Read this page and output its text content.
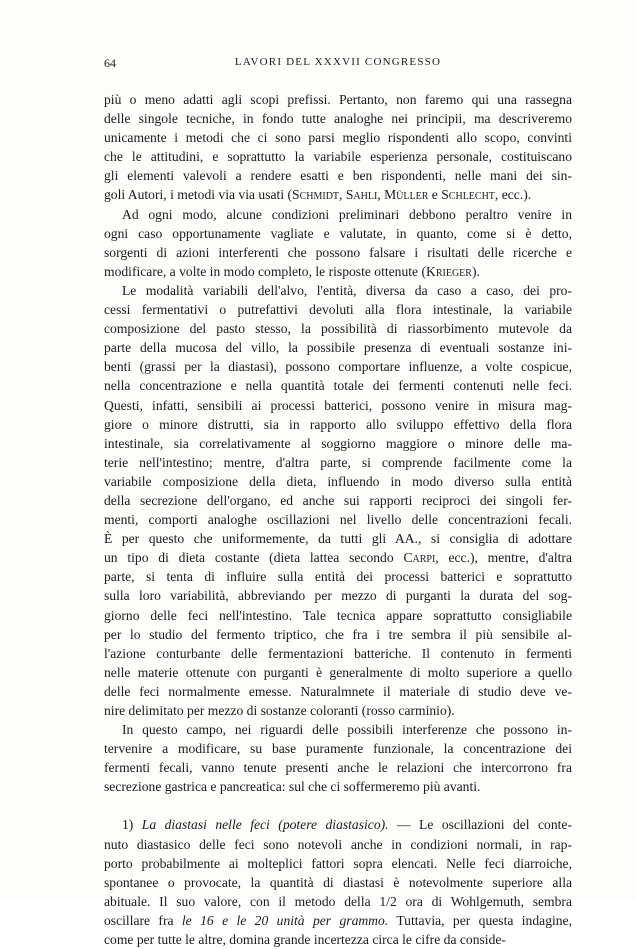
64	LAVORI DEL XXXVII CONGRESSO
più o meno adatti agli scopi prefissi. Pertanto, non faremo qui una rassegna
delle singole tecniche, in fondo tutte analoghe nei principii, ma descriveremo
unicamente i metodi che ci sono parsi meglio rispondenti allo scopo, convinti
che le attitudini, e soprattutto la variabile esperienza personale, costituiscano
gli elementi valevoli a rendere esatti e ben rispondenti, nelle mani dei sin-
goli Autori, i metodi via via usati (Schmidt, Sahli, Müller e Schlecht, ecc.).
Ad ogni modo, alcune condizioni preliminari debbono peraltro venire in
ogni caso opportunamente vagliate e valutate, in quanto, come si è detto,
sorgenti di azioni interferenti che possono falsare i risultati delle ricerche e
modificare, a volte in modo completo, le risposte ottenute (Krieger).
Le modalità variabili dell'alvo, l'entità, diversa da caso a caso, dei pro-
cessi fermentativi o putrefattivi devoluti alla flora intestinale, la variabile
composizione del pasto stesso, la possibilità di riassorbimento mutevole da
parte della mucosa del villo, la possibile presenza di eventuali sostanze ini-
benti (grassi per la diastasi), possono comportare influenze, a volte cospicue,
nella concentrazione e nella quantità totale dei fermenti contenuti nelle feci.
Questi, infatti, sensibili ai processi batterici, possono venire in misura mag-
giore o minore distrutti, sia in rapporto allo sviluppo effettivo della flora
intestinale, sia correlativamente al soggiorno maggiore o minore delle ma-
terie nell'intestino; mentre, d'altra parte, si comprende facilmente come la
variabile composizione della dieta, influendo in modo diverso sulla entità
della secrezione dell'organo, ed anche sui rapporti reciproci dei singoli fer-
menti, comporti analoghe oscillazioni nel livello delle concentrazioni fecali.
È per questo che uniformemente, da tutti gli AA., si consiglia di adottare
un tipo di dieta costante (dieta lattea secondo Carpi, ecc.), mentre, d'altra
parte, si tenta di influire sulla entità dei processi batterici e soprattutto
sulla loro variabilità, abbreviando per mezzo di purganti la durata del sog-
giorno delle feci nell'intestino. Tale tecnica appare soprattutto consigliabile
per lo studio del fermento triptico, che fra i tre sembra il più sensibile al-
l'azione conturbante delle fermentazioni batteriche. Il contenuto in fermenti
nelle materie ottenute con purganti è generalmente di molto superiore a quello
delle feci normalmente emesse. Naturalmnete il materiale di studio deve ve-
nire delimitato per mezzo di sostanze coloranti (rosso carminio).
In questo campo, nei riguardi delle possibili interferenze che possono in-
tervenire a modificare, su base puramente funzionale, la concentrazione dei
fermenti fecali, vanno tenute presenti anche le relazioni che intercorrono fra
secrezione gastrica e pancreatica: sul che ci soffermeremo più avanti.
1) La diastasi nelle feci (potere diastasico). — Le oscillazioni del conte-
nuto diastasico delle feci sono notevoli anche in condizioni normali, in rap-
porto probabilmente ai molteplici fattori sopra elencati. Nelle feci diarroiche,
spontanee o provocate, la quantità di diastasi è notevolmente superiore alla
abituale. Il suo valore, con il metodo della 1/2 ora di Wohlgemuth, sembra
oscillare fra le 16 e le 20 unità per grammo. Tuttavia, per questa indagine,
come per tutte le altre, domina grande incertezza circa le cifre da conside-
